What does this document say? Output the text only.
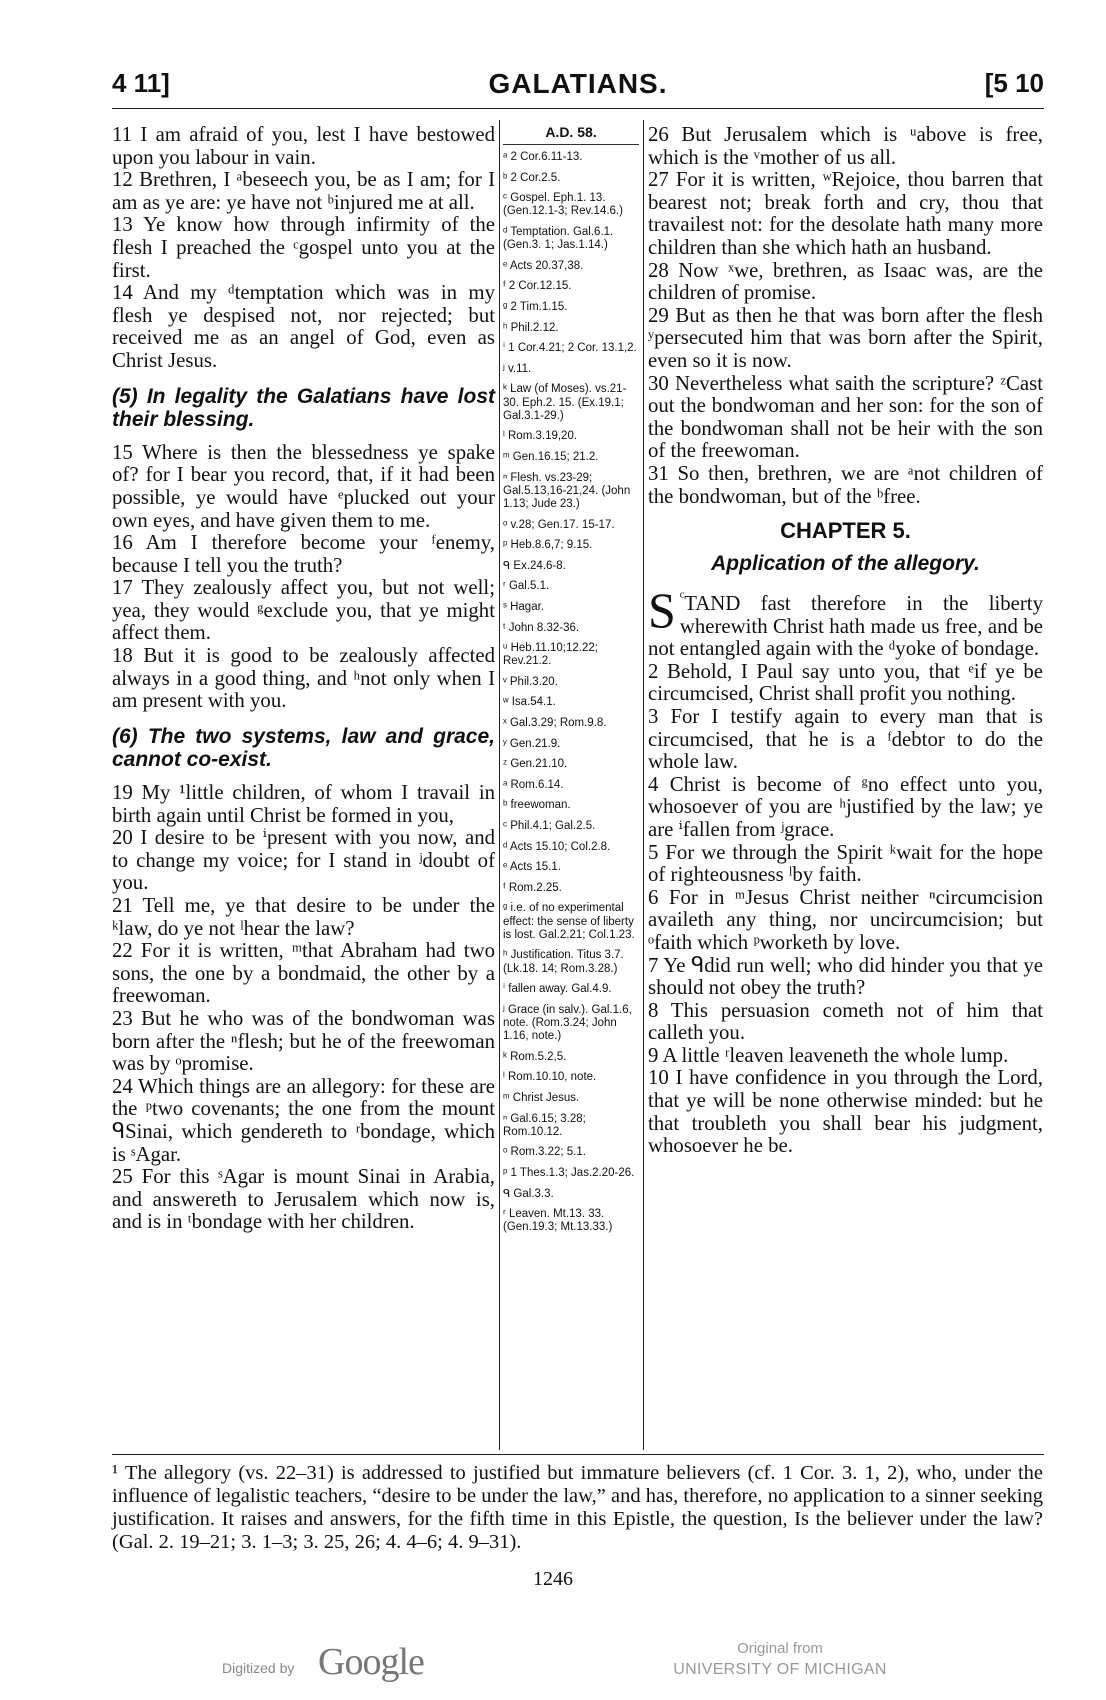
4 11]	GALATIANS.	[5 10

11 I am afraid of you, lest I have bestowed upon you labour in vain.

12 Brethren, I ᵃbeseech you, be as I am; for I am as ye are: ye have not ᵇinjured me at all.

13 Ye know how through infirmity of the flesh I preached the ᶜgospel unto you at the first.

14 And my ᵈtemptation which was in my flesh ye despised not, nor rejected; but received me as an angel of God, even as Christ Jesus.

(5) In legality the Galatians have lost their blessing.

15 Where is then the blessedness ye spake of? for I bear you record, that, if it had been possible, ye would have ᵉplucked out your own eyes, and have given them to me.

16 Am I therefore become your ᶠenemy, because I tell you the truth?

17 They zealously affect you, but not well; yea, they would ᵍexclude you, that ye might affect them.

18 But it is good to be zealously affected always in a good thing, and ʰnot only when I am present with you.

(6) The two systems, law and grace, cannot co-exist.

19 My ¹little children, of whom I travail in birth again until Christ be formed in you,

20 I desire to be ⁱpresent with you now, and to change my voice; for I stand in ʲdoubt of you.

21 Tell me, ye that desire to be under the ᵏlaw, do ye not ˡhear the law?

22 For it is written, ᵐthat Abraham had two sons, the one by a bondmaid, the other by a freewoman.

23 But he who was of the bondwoman was born after the ⁿflesh; but he of the freewoman was by ᵒpromise.

24 Which things are an allegory: for these are the ᵖtwo covenants; the one from the mount ᑫSinai, which gendereth to ʳbondage, which is ˢAgar.

25 For this ˢAgar is mount Sinai in Arabia, and answereth to Jerusalem which now is, and is in ᵗbondage with her children.

A.D. 58.
ᵃ 2 Cor.6.11-13.
ᵇ 2 Cor.2.5.
ᶜ Gospel. Eph.1. 13. (Gen.12.1-3; Rev.14.6.)
ᵈ Temptation. Gal.6.1. (Gen.3. 1; Jas.1.14.)
ᵉ Acts 20.37,38.
ᶠ 2 Cor.12.15.
ᵍ 2 Tim.1.15.
ʰ Phil.2.12.
ⁱ 1 Cor.4.21; 2 Cor. 13.1,2.
ʲ v.11.
ᵏ Law (of Moses). vs.21-30. Eph.2. 15. (Ex.19.1; Gal.3.1-29.)
ˡ Rom.3.19,20.
ᵐ Gen.16.15; 21.2.
ⁿ Flesh. vs.23-29; Gal.5.13,16-21,24. (John 1.13; Jude 23.)
ᵒ v.28; Gen.17. 15-17.
ᵖ Heb.8.6,7; 9.15.
ᑫ Ex.24.6-8.
ʳ Gal.5.1.
ˢ Hagar.
ᵗ John 8.32-36.
ᵘ Heb.11.10;12.22; Rev.21.2.
ᵛ Phil.3.20.
ʷ Isa.54.1.
ˣ Gal.3.29; Rom.9.8.
ʸ Gen.21.9.
ᶻ Gen.21.10.
ᵃ Rom.6.14.
ᵇ freewoman.
ᶜ Phil.4.1; Gal.2.5.
ᵈ Acts 15.10; Col.2.8.
ᵉ Acts 15.1.
ᶠ Rom.2.25.
ᵍ i.e. of no experimental effect: the sense of liberty is lost. Gal.2.21; Col.1.23.
ʰ Justification. Titus 3.7. (Lk.18. 14; Rom.3.28.)
ⁱ fallen away. Gal.4.9.
ʲ Grace (in salv.). Gal.1.6, note. (Rom.3.24; John 1.16, note.)
ᵏ Rom.5.2,5.
ˡ Rom.10.10, note.
ᵐ Christ Jesus.
ⁿ Gal.6.15; 3.28; Rom.10.12.
ᵒ Rom.3.22; 5.1.
ᵖ 1 Thes.1.3; Jas.2.20-26.
ᑫ Gal.3.3.
ʳ Leaven. Mt.13. 33. (Gen.19.3; Mt.13.33.)

26 But Jerusalem which is ᵘabove is free, which is the ᵛmother of us all.

27 For it is written, ʷRejoice, thou barren that bearest not; break forth and cry, thou that travailest not: for the desolate hath many more children than she which hath an husband.

28 Now ˣwe, brethren, as Isaac was, are the children of promise.

29 But as then he that was born after the flesh ʸpersecuted him that was born after the Spirit, even so it is now.

30 Nevertheless what saith the scripture? ᶻCast out the bondwoman and her son: for the son of the bondwoman shall not be heir with the son of the freewoman.

31 So then, brethren, we are ᵃnot children of the bondwoman, but of the ᵇfree.

CHAPTER 5.
Application of the allegory.

$^ᶜ$
S TAND fast therefore in the liberty wherewith Christ hath made us free, and be not entangled again with the ᵈyoke of bondage.

2 Behold, I Paul say unto you, that ᵉif ye be circumcised, Christ shall profit you nothing.

3 For I testify again to every man that is circumcised, that he is a ᶠdebtor to do the whole law.

4 Christ is become of ᵍno effect unto you, whosoever of you are ʰjustified by the law; ye are ⁱfallen from ʲgrace.

5 For we through the Spirit ᵏwait for the hope of righteousness ˡby faith.

6 For in ᵐJesus Christ neither ⁿcircumcision availeth any thing, nor uncircumcision; but ᵒfaith which ᵖworketh by love.

7 Ye ᑫdid run well; who did hinder you that ye should not obey the truth?

8 This persuasion cometh not of him that calleth you.

9 A little ʳleaven leaveneth the whole lump.

10 I have confidence in you through the Lord, that ye will be none otherwise minded: but he that troubleth you shall bear his judgment, whosoever he be.

¹ The allegory (vs. 22–31) is addressed to justified but immature believers (cf. 1 Cor. 3. 1, 2), who, under the influence of legalistic teachers, “desire to be under the law,” and has, therefore, no application to a sinner seeking justification. It raises and answers, for the fifth time in this Epistle, the question, Is the believer under the law? (Gal. 2. 19–21; 3. 1–3; 3. 25, 26; 4. 4–6; 4. 9–31).

1246
Digitized by Google	Original from
UNIVERSITY OF MICHIGAN
